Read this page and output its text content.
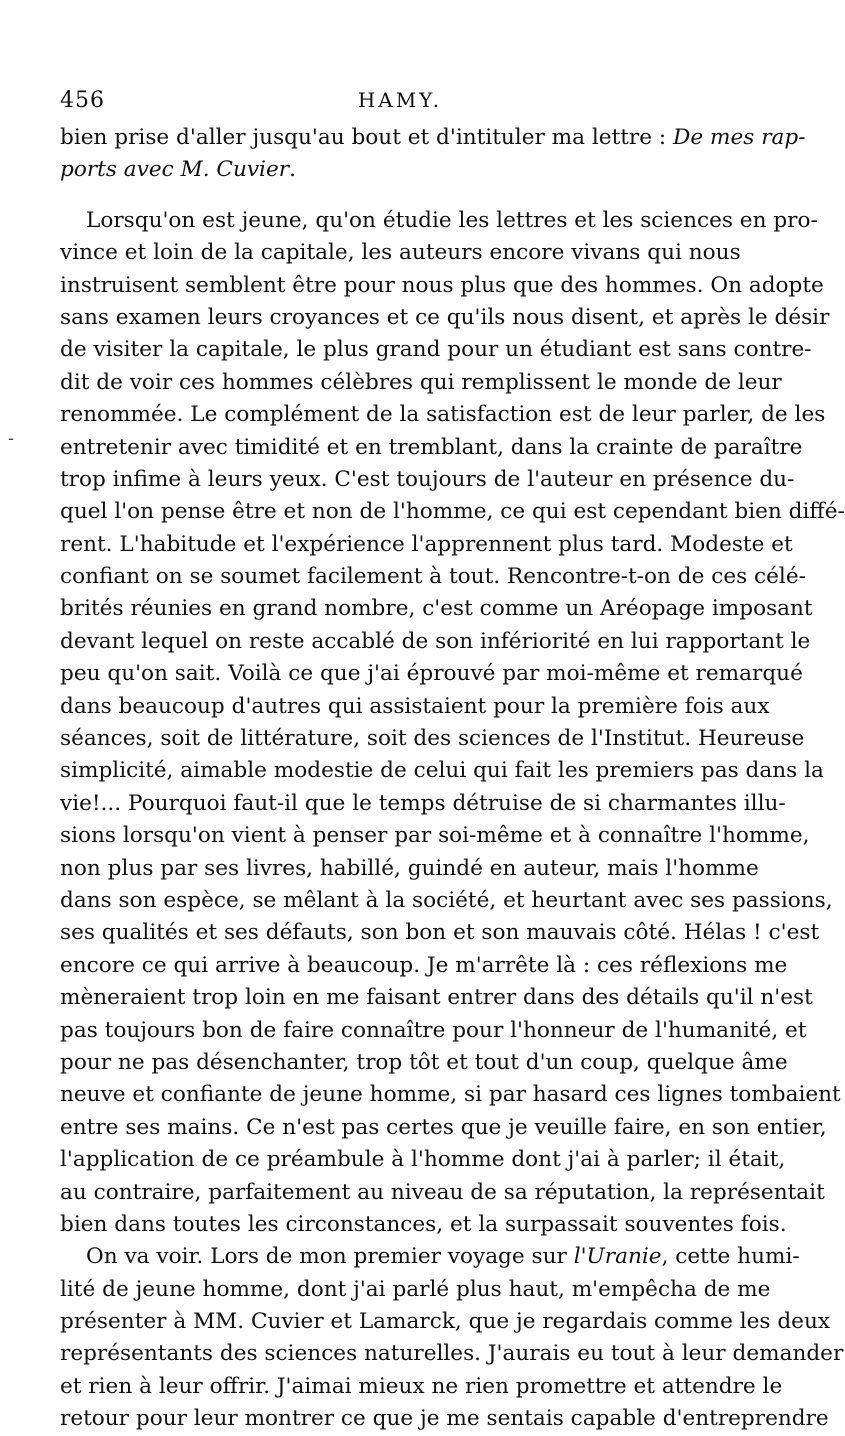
456	HAMY.
bien prise d'aller jusqu'au bout et d'intituler ma lettre : De mes rap-
ports avec M. Cuvier.
Lorsqu'on est jeune, qu'on étudie les lettres et les sciences en pro-
vince et loin de la capitale, les auteurs encore vivans qui nous
instruisent semblent être pour nous plus que des hommes. On adopte
sans examen leurs croyances et ce qu'ils nous disent, et après le désir
de visiter la capitale, le plus grand pour un étudiant est sans contre-
dit de voir ces hommes célèbres qui remplissent le monde de leur
renommée. Le complément de la satisfaction est de leur parler, de les
entretenir avec timidité et en tremblant, dans la crainte de paraître
trop infime à leurs yeux. C'est toujours de l'auteur en présence du-
quel l'on pense être et non de l'homme, ce qui est cependant bien diffé-
rent. L'habitude et l'expérience l'apprennent plus tard. Modeste et
confiant on se soumet facilement à tout. Rencontre-t-on de ces célé-
brités réunies en grand nombre, c'est comme un Aréopage imposant
devant lequel on reste accablé de son infériorité en lui rapportant le
peu qu'on sait. Voilà ce que j'ai éprouvé par moi-même et remarqué
dans beaucoup d'autres qui assistaient pour la première fois aux
séances, soit de littérature, soit des sciences de l'Institut. Heureuse
simplicité, aimable modestie de celui qui fait les premiers pas dans la
vie!... Pourquoi faut-il que le temps détruise de si charmantes illu-
sions lorsqu'on vient à penser par soi-même et à connaître l'homme,
non plus par ses livres, habillé, guindé en auteur, mais l'homme
dans son espèce, se mêlant à la société, et heurtant avec ses passions,
ses qualités et ses défauts, son bon et son mauvais côté. Hélas ! c'est
encore ce qui arrive à beaucoup. Je m'arrête là : ces réflexions me
mèneraient trop loin en me faisant entrer dans des détails qu'il n'est
pas toujours bon de faire connaître pour l'honneur de l'humanité, et
pour ne pas désenchanter, trop tôt et tout d'un coup, quelque âme
neuve et confiante de jeune homme, si par hasard ces lignes tombaient
entre ses mains. Ce n'est pas certes que je veuille faire, en son entier,
l'application de ce préambule à l'homme dont j'ai à parler; il était,
au contraire, parfaitement au niveau de sa réputation, la représentait
bien dans toutes les circonstances, et la surpassait souventes fois.
On va voir. Lors de mon premier voyage sur l'Uranie, cette humi-
lité de jeune homme, dont j'ai parlé plus haut, m'empêcha de me
présenter à MM. Cuvier et Lamarck, que je regardais comme les deux
représentants des sciences naturelles. J'aurais eu tout à leur demander
et rien à leur offrir. J'aimai mieux ne rien promettre et attendre le
retour pour leur montrer ce que je me sentais capable d'entreprendre
-
